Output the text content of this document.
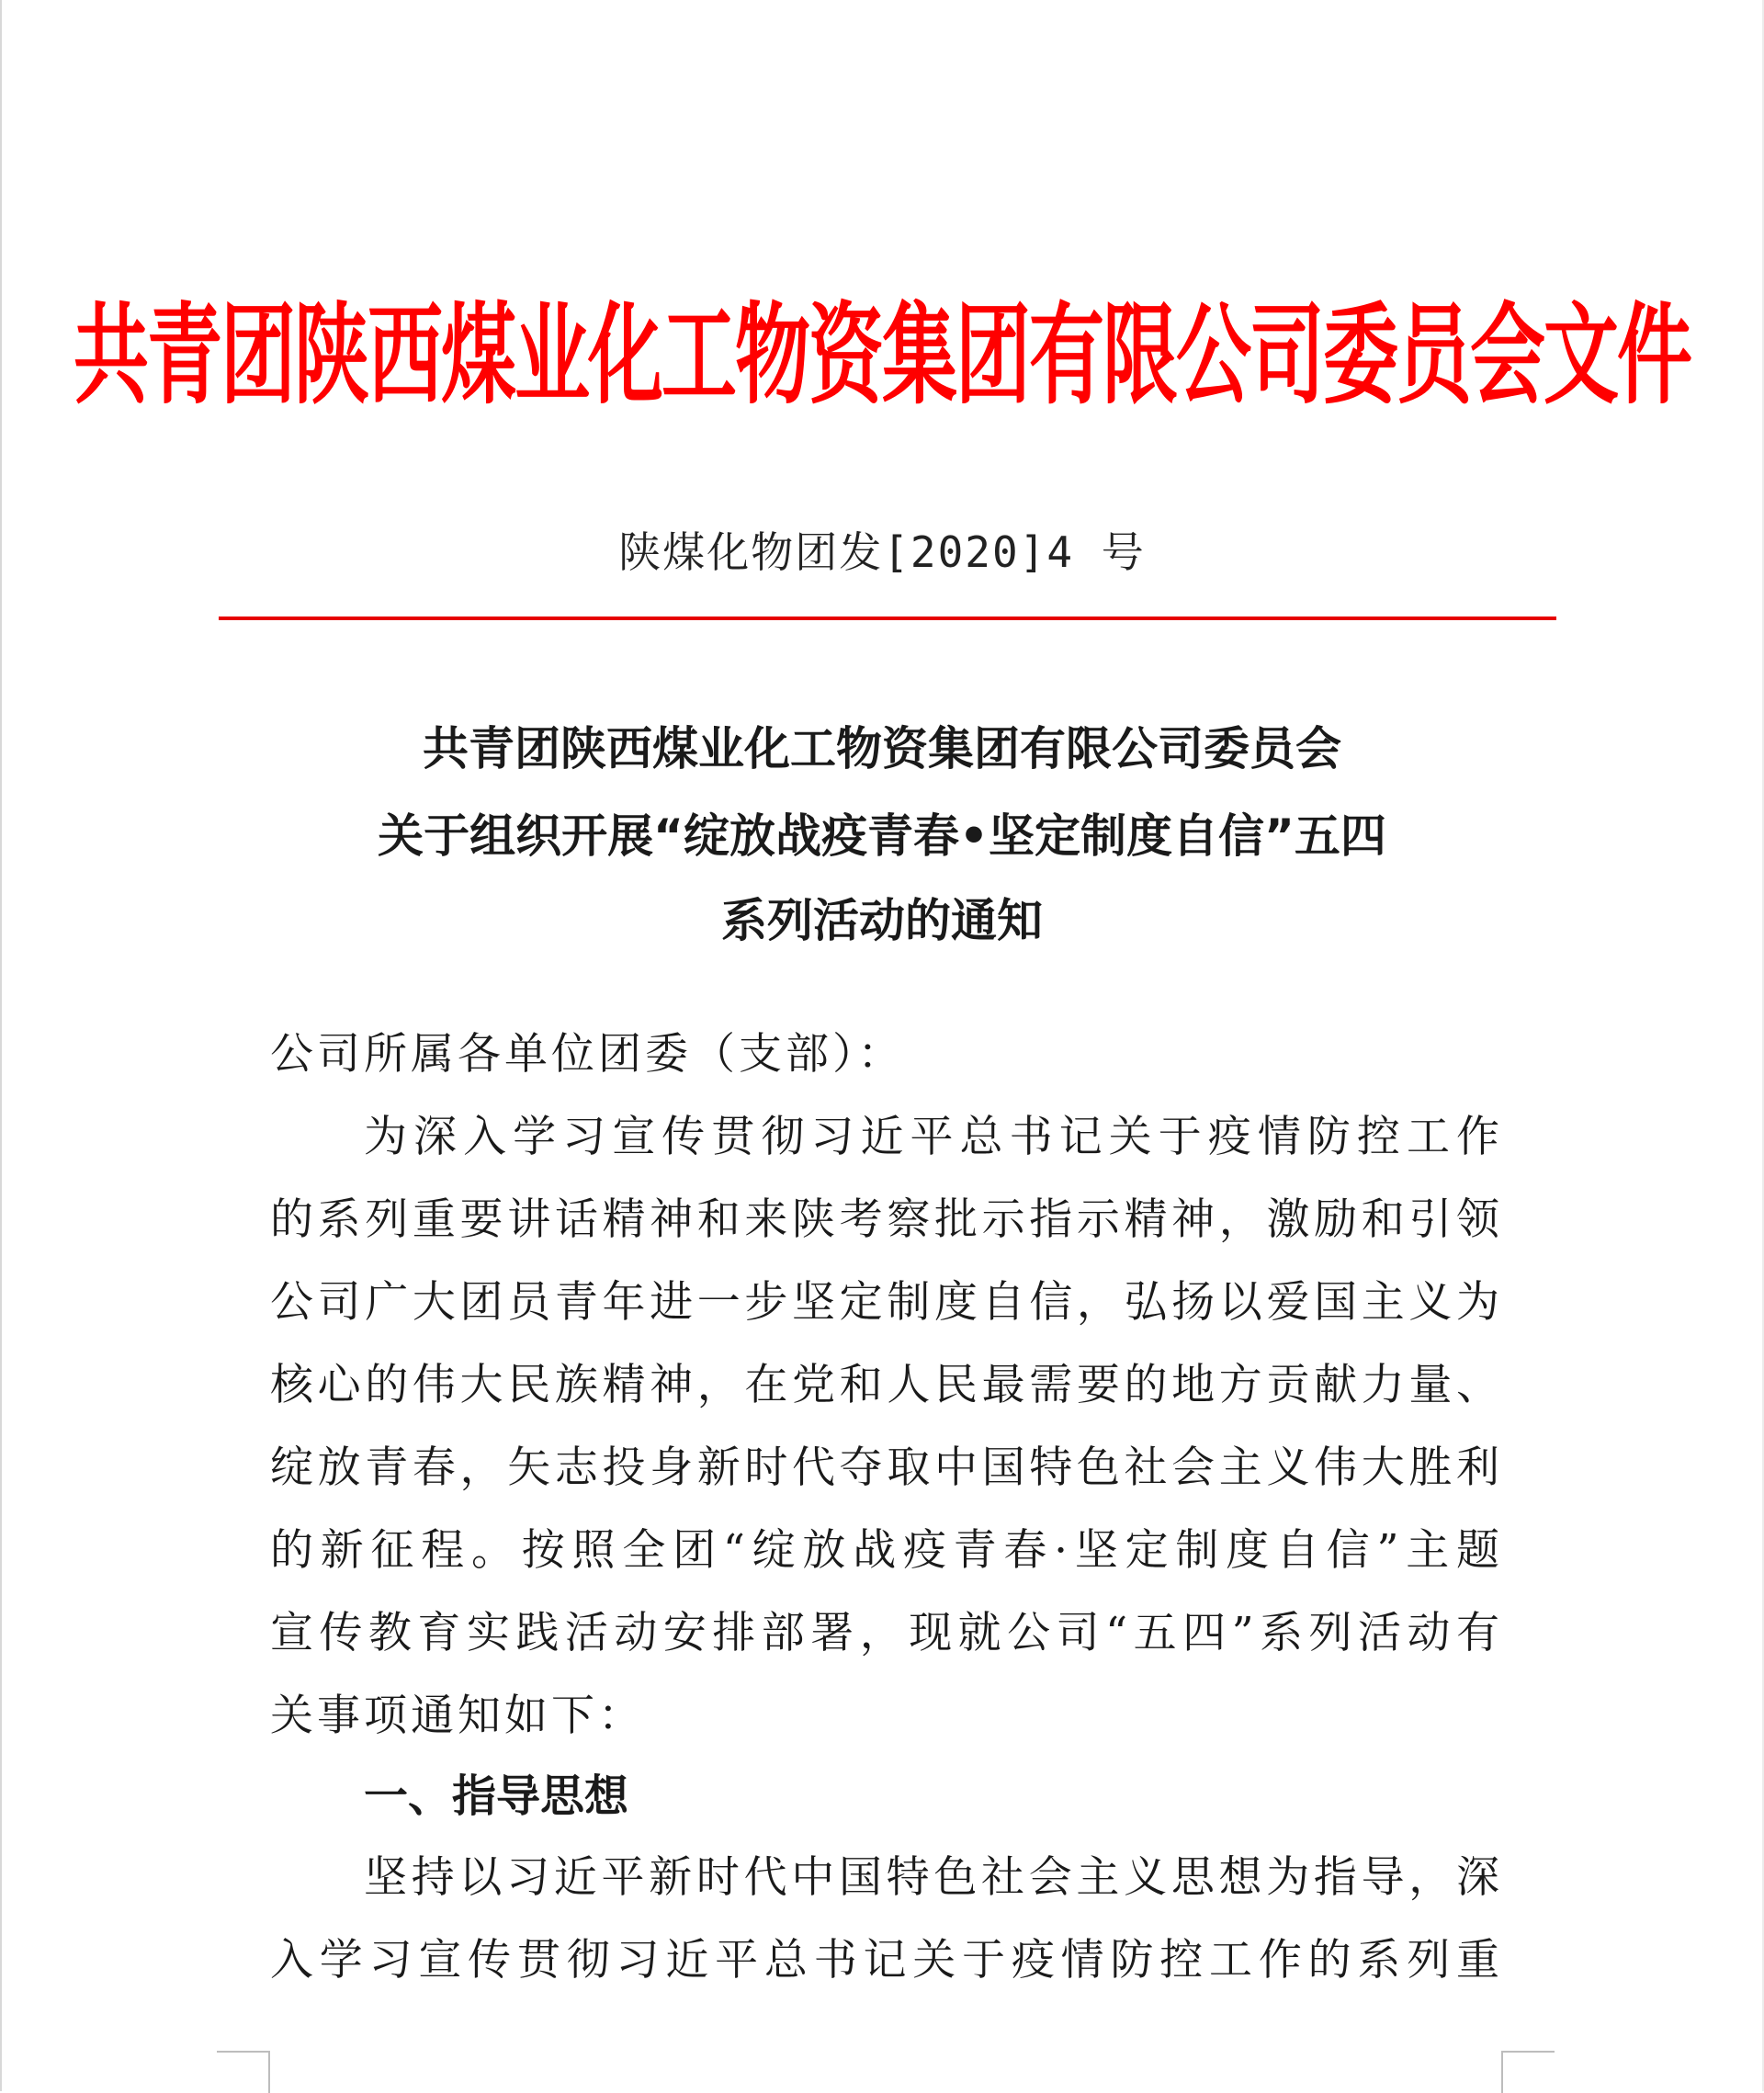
共青团陕西煤业化工物资集团有限公司委员会文件
陕煤化物团发[2020]4 号
共青团陕西煤业化工物资集团有限公司委员会
关于组织开展“绽放战疫青春•坚定制度自信”五四
系列活动的通知
公司所属各单位团委（支部）：
为深入学习宣传贯彻习近平总书记关于疫情防控工作
的系列重要讲话精神和来陕考察批示指示精神，激励和引领
公司广大团员青年进一步坚定制度自信，弘扬以爱国主义为
核心的伟大民族精神，在党和人民最需要的地方贡献力量、
绽放青春，矢志投身新时代夺取中国特色社会主义伟大胜利
的新征程。按照全团“绽放战疫青春·坚定制度自信”主题
宣传教育实践活动安排部署，现就公司“五四”系列活动有
关事项通知如下：
一、指导思想
坚持以习近平新时代中国特色社会主义思想为指导，深
入学习宣传贯彻习近平总书记关于疫情防控工作的系列重
